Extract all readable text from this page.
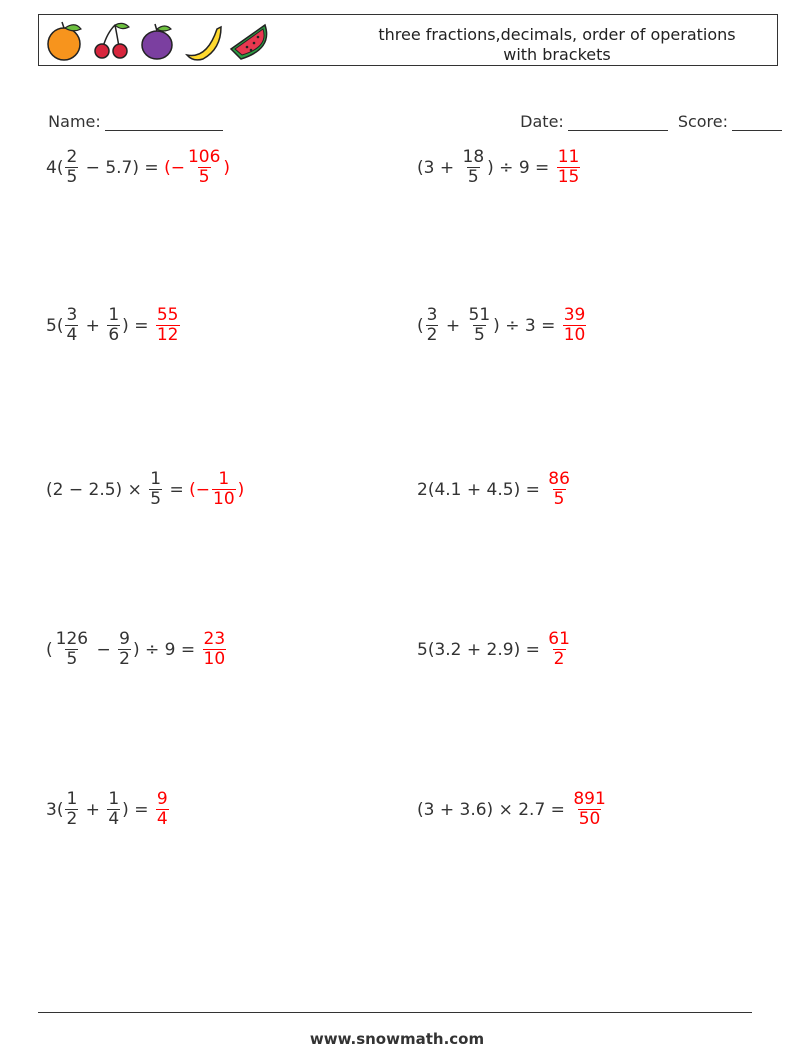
three fractions,decimals, order of operations
with brackets

Name:	Date:	Score:

$4( \frac{2}{5} - 5.7)$ = (− $\frac{106}{5}$ )	($3 + \frac{18}{5}$ ) ÷ $9 = \frac{11}{15}$
$5( \frac{3}{4} + \frac{1}{6}$ ) = $\frac{55}{12}$	( $\frac{3}{2} + \frac{51}{5}$ ) ÷ $3 = \frac{39}{10}$
$(2 - 2.5) \times \frac{1}{5}$ = (− $\frac{1}{10}$ )	$2(4.1 + 4.5) = \frac{86}{5}$
( $\frac{126}{5} - \frac{9}{2}$ ) ÷ $9 = \frac{23}{10}$	$5(3.2 + 2.9) = \frac{61}{2}$
$3( \frac{1}{2} + \frac{1}{4}$ ) = $\frac{9}{4}$	$(3 + 3.6) \times 2.7 = \frac{891}{50}$
www.snowmath.com
